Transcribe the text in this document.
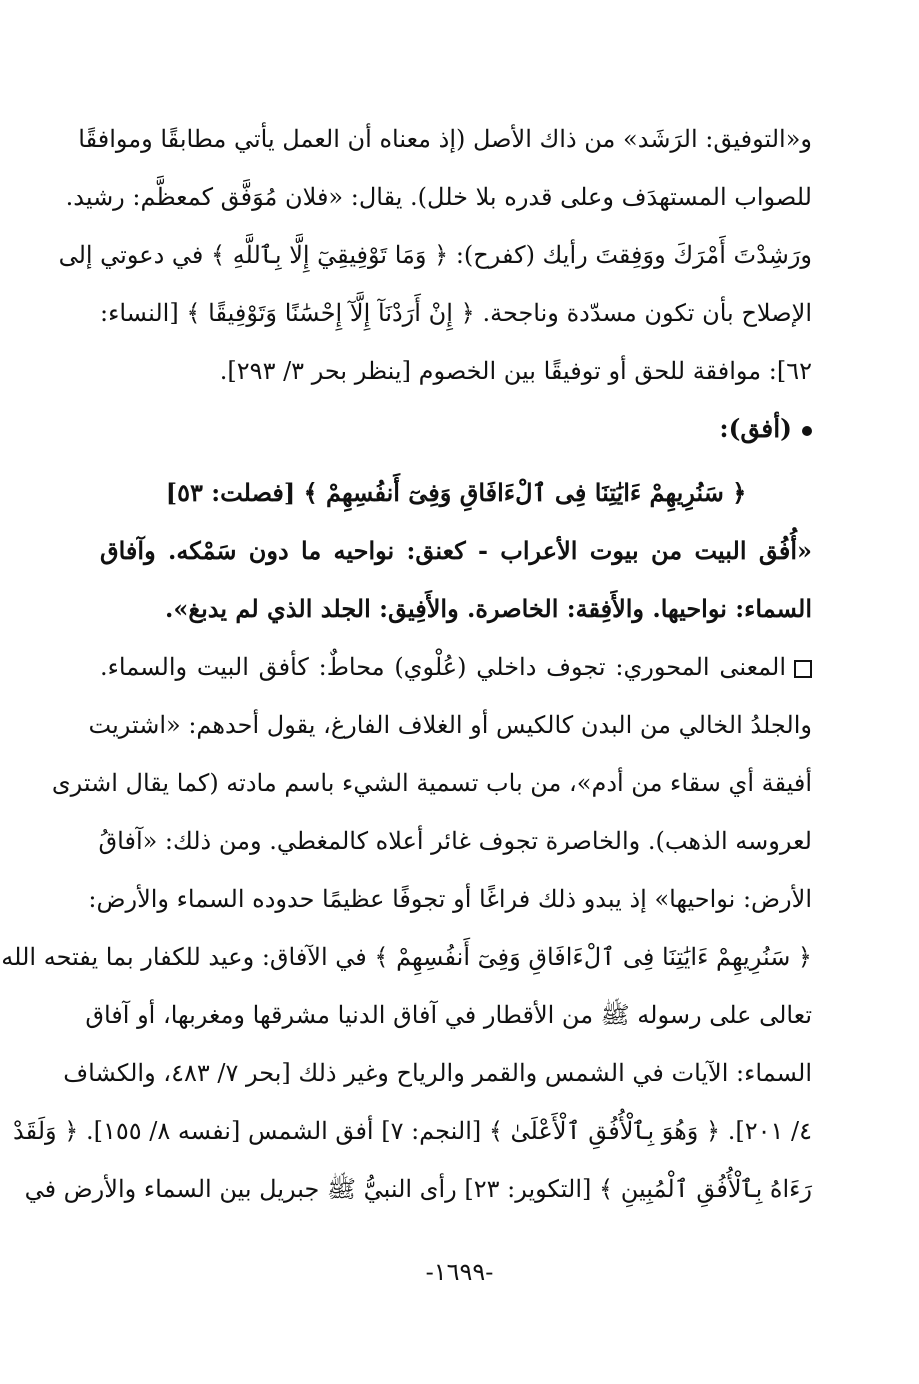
و«التوفيق: الرَشَد» من ذاك الأصل (إذ معناه أن العمل يأتي مطابقًا وموافقًا
للصواب المستهدَف وعلى قدره بلا خلل). يقال: «فلان مُوَفَّق كمعظَّم: رشيد.
ورَشِدْتَ أَمْرَكَ ووَفِقتَ رأيك (كفرح): ﴿ وَمَا تَوْفِيقِيٓ إِلَّا بِٱللَّهِ ﴾ في دعوتي إلى
الإصلاح بأن تكون مسدّدة وناجحة. ﴿ إِنْ أَرَدْنَآ إِلَّآ إِحْسَٰنًا وَتَوْفِيقًا ﴾ [النساء:
٦٢]: موافقة للحق أو توفيقًا بين الخصوم [ينظر بحر ٣/ ٢٩٣].
(أفق):
﴿ سَنُرِيهِمْ ءَايَٰتِنَا فِى ٱلْءَافَاقِ وَفِىٓ أَنفُسِهِمْ ﴾ [فصلت: ٥٣]
«أُفُق البيت من بيوت الأعراب - كعنق: نواحيه ما دون سَمْكه. وآفاق
السماء: نواحيها. والأَفِقة: الخاصرة. والأَفِيق: الجلد الذي لم يدبغ».
المعنى المحوري: تجوف داخلي (عُلْوي) محاطٌ: كأفق البيت والسماء.
والجلدُ الخالي من البدن كالكيس أو الغلاف الفارغ، يقول أحدهم: «اشتريت
أفيقة أي سقاء من أدم»، من باب تسمية الشيء باسم مادته (كما يقال اشترى
لعروسه الذهب). والخاصرة تجوف غائر أعلاه كالمغطي. ومن ذلك: «آفاقُ
الأرض: نواحيها» إذ يبدو ذلك فراغًا أو تجوفًا عظيمًا حدوده السماء والأرض:
﴿ سَنُرِيهِمْ ءَايَٰتِنَا فِى ٱلْءَافَاقِ وَفِىٓ أَنفُسِهِمْ ﴾ في الآفاق: وعيد للكفار بما يفتحه الله
تعالى على رسوله ﷺ من الأقطار في آفاق الدنيا مشرقها ومغربها، أو آفاق
السماء: الآيات في الشمس والقمر والرياح وغير ذلك [بحر ٧/ ٤٨٣، والكشاف
٤/ ٢٠١]. ﴿ وَهُوَ بِٱلْأُفُقِ ٱلْأَعْلَىٰ ﴾ [النجم: ٧] أفق الشمس [نفسه ٨/ ١٥٥]. ﴿ وَلَقَدْ
رَءَاهُ بِٱلْأُفُقِ ٱلْمُبِينِ ﴾ [التكوير: ٢٣] رأى النبيُّ ﷺ جبريل بين السماء والأرض في
-١٦٩٩-
